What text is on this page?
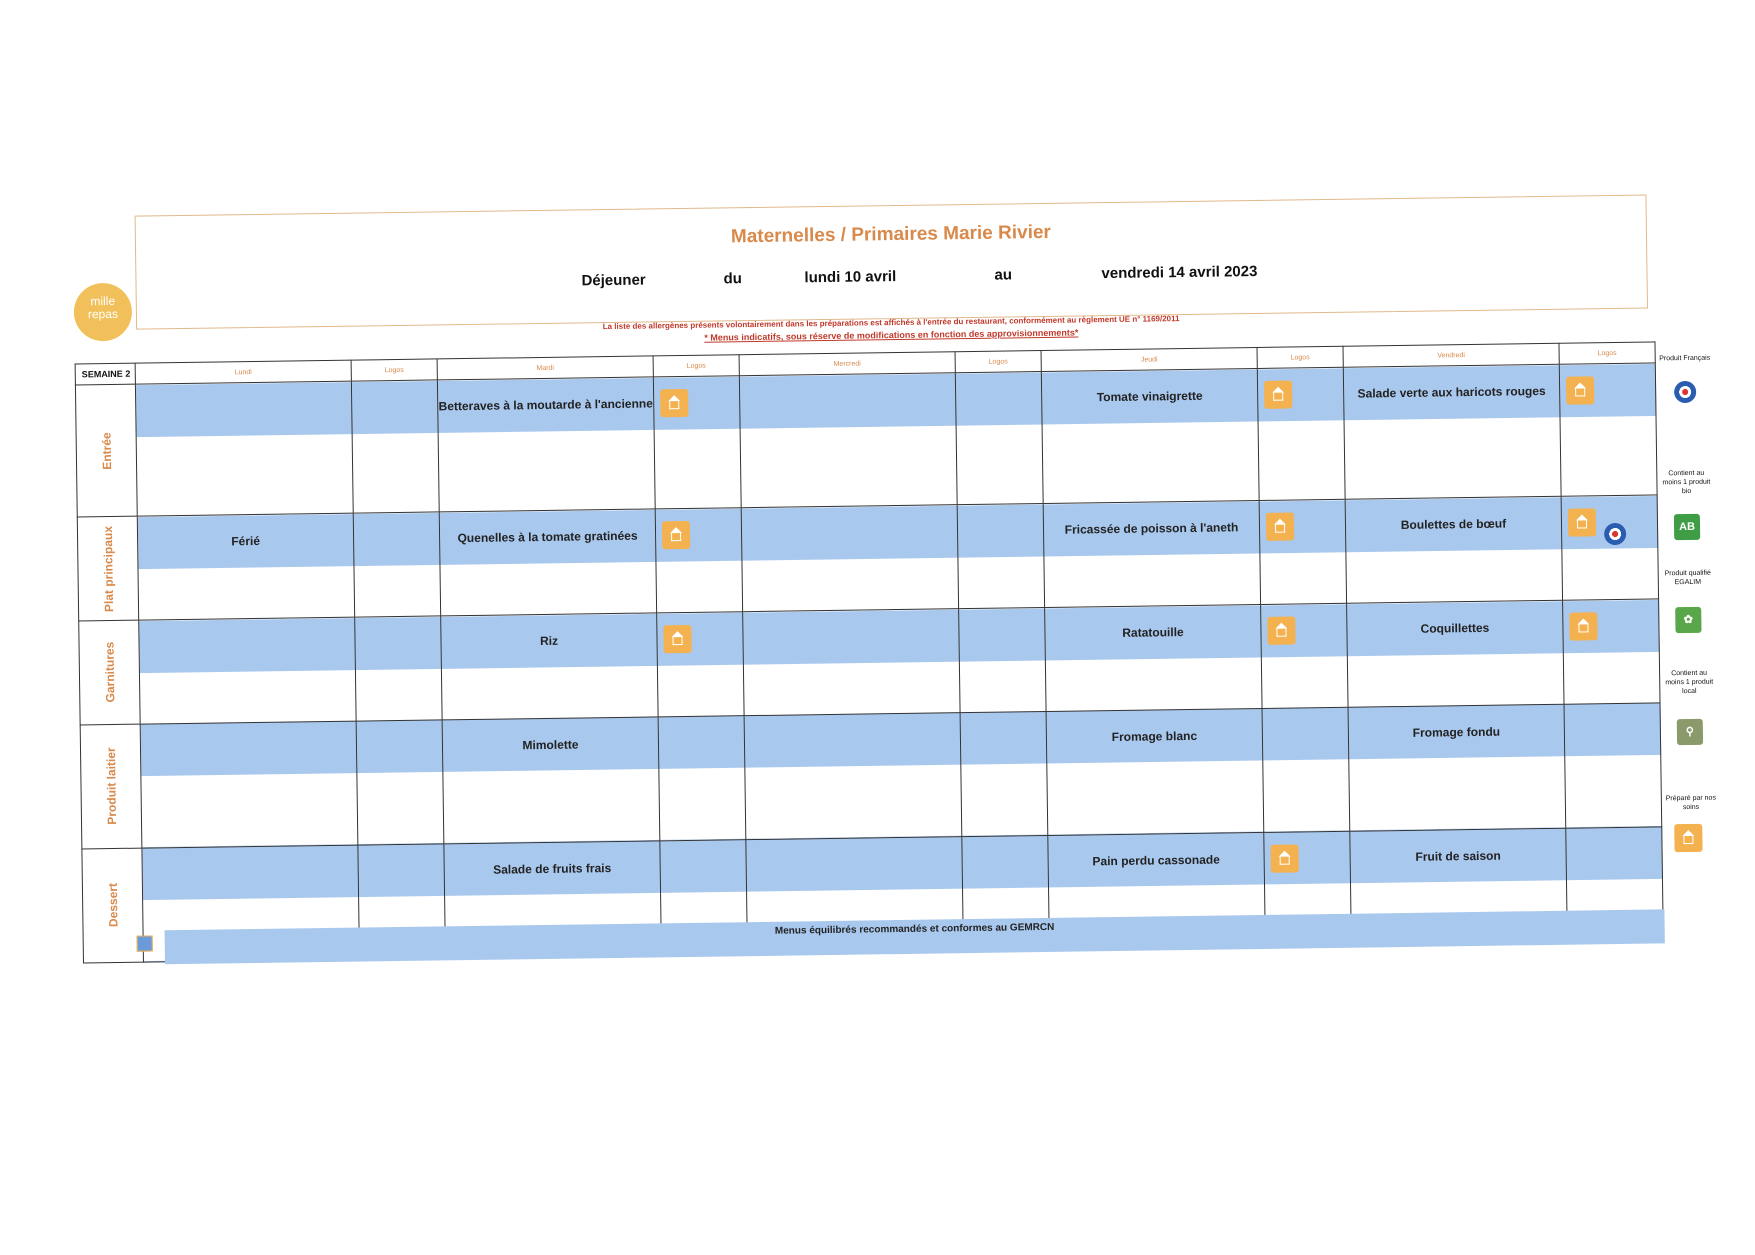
mille repas
Maternelles / Primaires Marie Rivier
Déjeuner	du	lundi 10 avril	au	vendredi 14 avril 2023
La liste des allergènes présents volontairement dans les préparations est affichés à l'entrée du restaurant, conformément au règlement UE n° 1169/2011
* Menus indicatifs, sous réserve de modifications en fonction des approvisionnements*
SEMAINE 2	Lundi	Logos	Mardi	Logos	Mercredi	Logos	Jeudi	Logos	Vendredi	Logos

Entrée			Betteraves à la moutarde à l'ancienne				Tomate vinaigrette		Salade verte aux haricots rouges	

Plat principaux	Férié		Quenelles à la tomate gratinées				Fricassée de poisson à l'aneth		Boulettes de bœuf	

Garnitures			Riz				Ratatouille		Coquillettes	

Produit laitier			Mimolette				Fromage blanc		Fromage fondu	

Dessert			Salade de fruits frais				Pain perdu cassonade		Fruit de saison	

Produit Français
Contient au moins 1 produit bio
AB
Produit qualifié EGALIM
✿
Contient au moins 1 produit local
⚲
Préparé par nos soins
Menus équilibrés recommandés et conformes au GEMRCN
